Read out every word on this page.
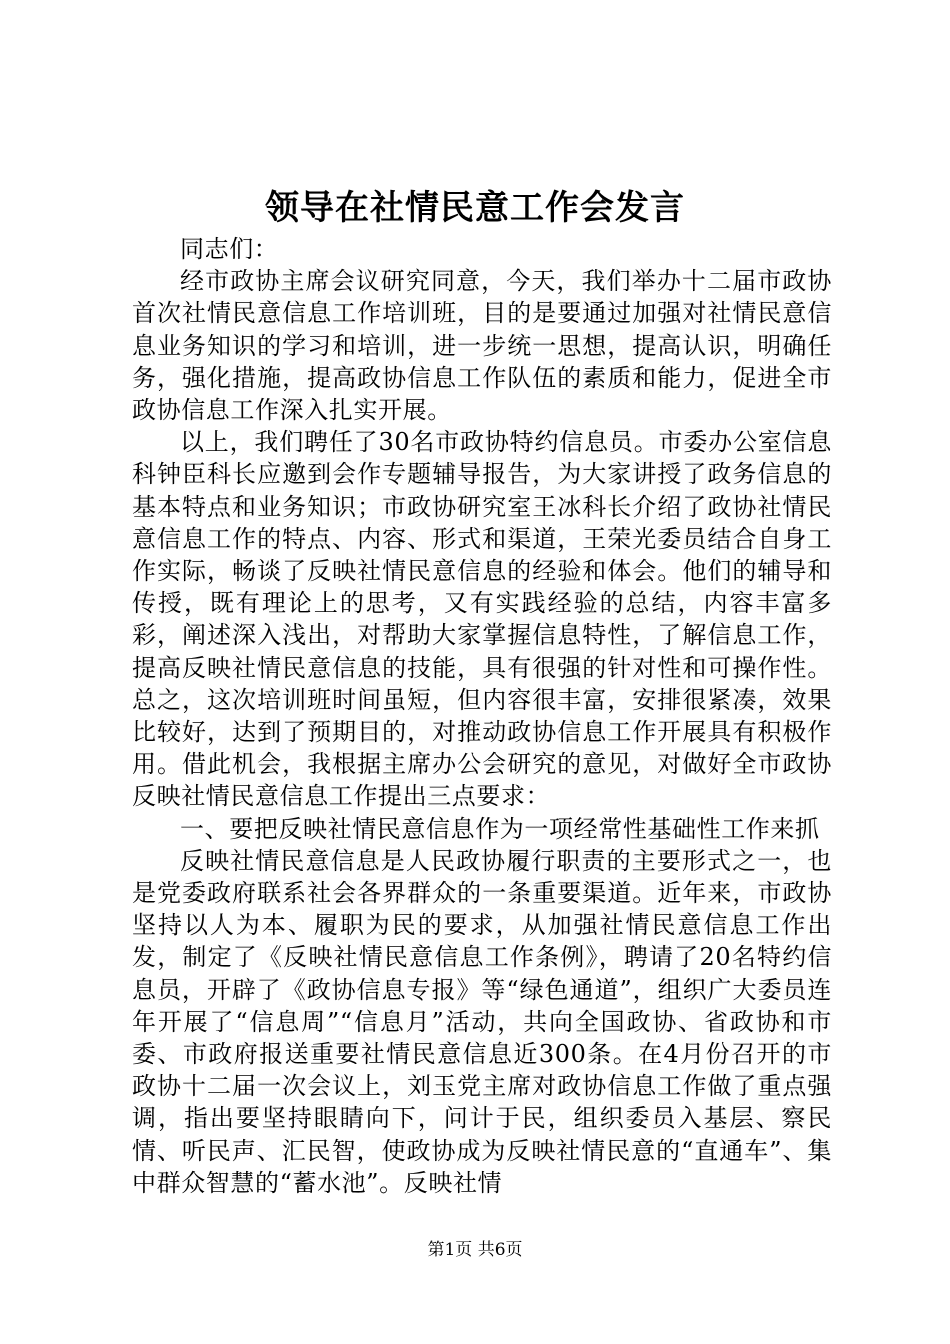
领导在社情民意工作会发言

同志们：

经市政协主席会议研究同意，今天，我们举办十二届市政协首次社情民意信息工作培训班，目的是要通过加强对社情民意信息业务知识的学习和培训，进一步统一思想，提高认识，明确任务，强化措施，提高政协信息工作队伍的素质和能力，促进全市政协信息工作深入扎实开展。

以上，我们聘任了30名市政协特约信息员。市委办公室信息科钟臣科长应邀到会作专题辅导报告，为大家讲授了政务信息的基本特点和业务知识；市政协研究室王冰科长介绍了政协社情民意信息工作的特点、内容、形式和渠道，王荣光委员结合自身工作实际，畅谈了反映社情民意信息的经验和体会。他们的辅导和传授，既有理论上的思考，又有实践经验的总结，内容丰富多彩，阐述深入浅出，对帮助大家掌握信息特性，了解信息工作，提高反映社情民意信息的技能，具有很强的针对性和可操作性。总之，这次培训班时间虽短，但内容很丰富，安排很紧凑，效果比较好，达到了预期目的，对推动政协信息工作开展具有积极作用。借此机会，我根据主席办公会研究的意见，对做好全市政协反映社情民意信息工作提出三点要求：

一、要把反映社情民意信息作为一项经常性基础性工作来抓

反映社情民意信息是人民政协履行职责的主要形式之一，也是党委政府联系社会各界群众的一条重要渠道。近年来，市政协坚持以人为本、履职为民的要求，从加强社情民意信息工作出发，制定了《反映社情民意信息工作条例》，聘请了20名特约信息员，开辟了《政协信息专报》等“绿色通道”，组织广大委员连年开展了“信息周”“信息月”活动，共向全国政协、省政协和市委、市政府报送重要社情民意信息近300条。在4月份召开的市政协十二届一次会议上，刘玉党主席对政协信息工作做了重点强调，指出要坚持眼睛向下，问计于民，组织委员入基层、察民情、听民声、汇民智，使政协成为反映社情民意的“直通车”、集中群众智慧的“蓄水池”。反映社情

第1页 共6页
